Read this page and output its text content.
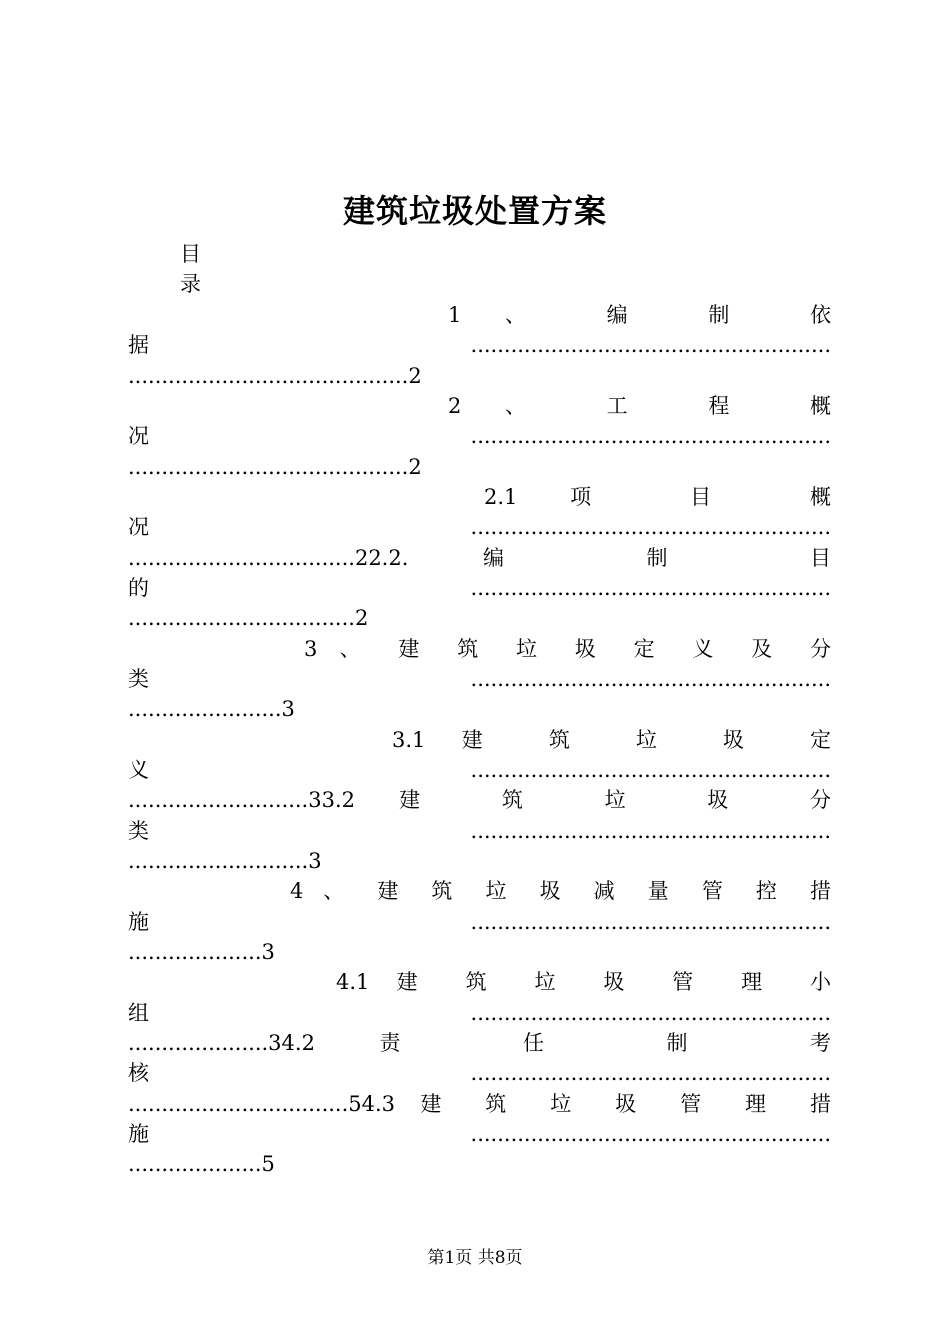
建筑垃圾处置方案
目
录
1 、 编 制 依
据......................................................
..........................................2
2 、 工 程 概
况......................................................
..........................................2
2.1 项 目 概
况......................................................
..................................22.2. 编 制 目
的......................................................
..................................2
3 、 建 筑 垃 圾 定 义 及 分
类......................................................
.......................3
3.1 建 筑 垃 圾 定
义......................................................
...........................33.2 建 筑 垃 圾 分
类......................................................
...........................3
4 、 建 筑 垃 圾 减 量 管 控 措
施......................................................
....................3
4.1 建 筑 垃 圾 管 理 小
组......................................................
.....................34.2 责 任 制 考
核......................................................
.................................54.3 建 筑 垃 圾 管 理 措
施......................................................
....................5
第1页 共8页
